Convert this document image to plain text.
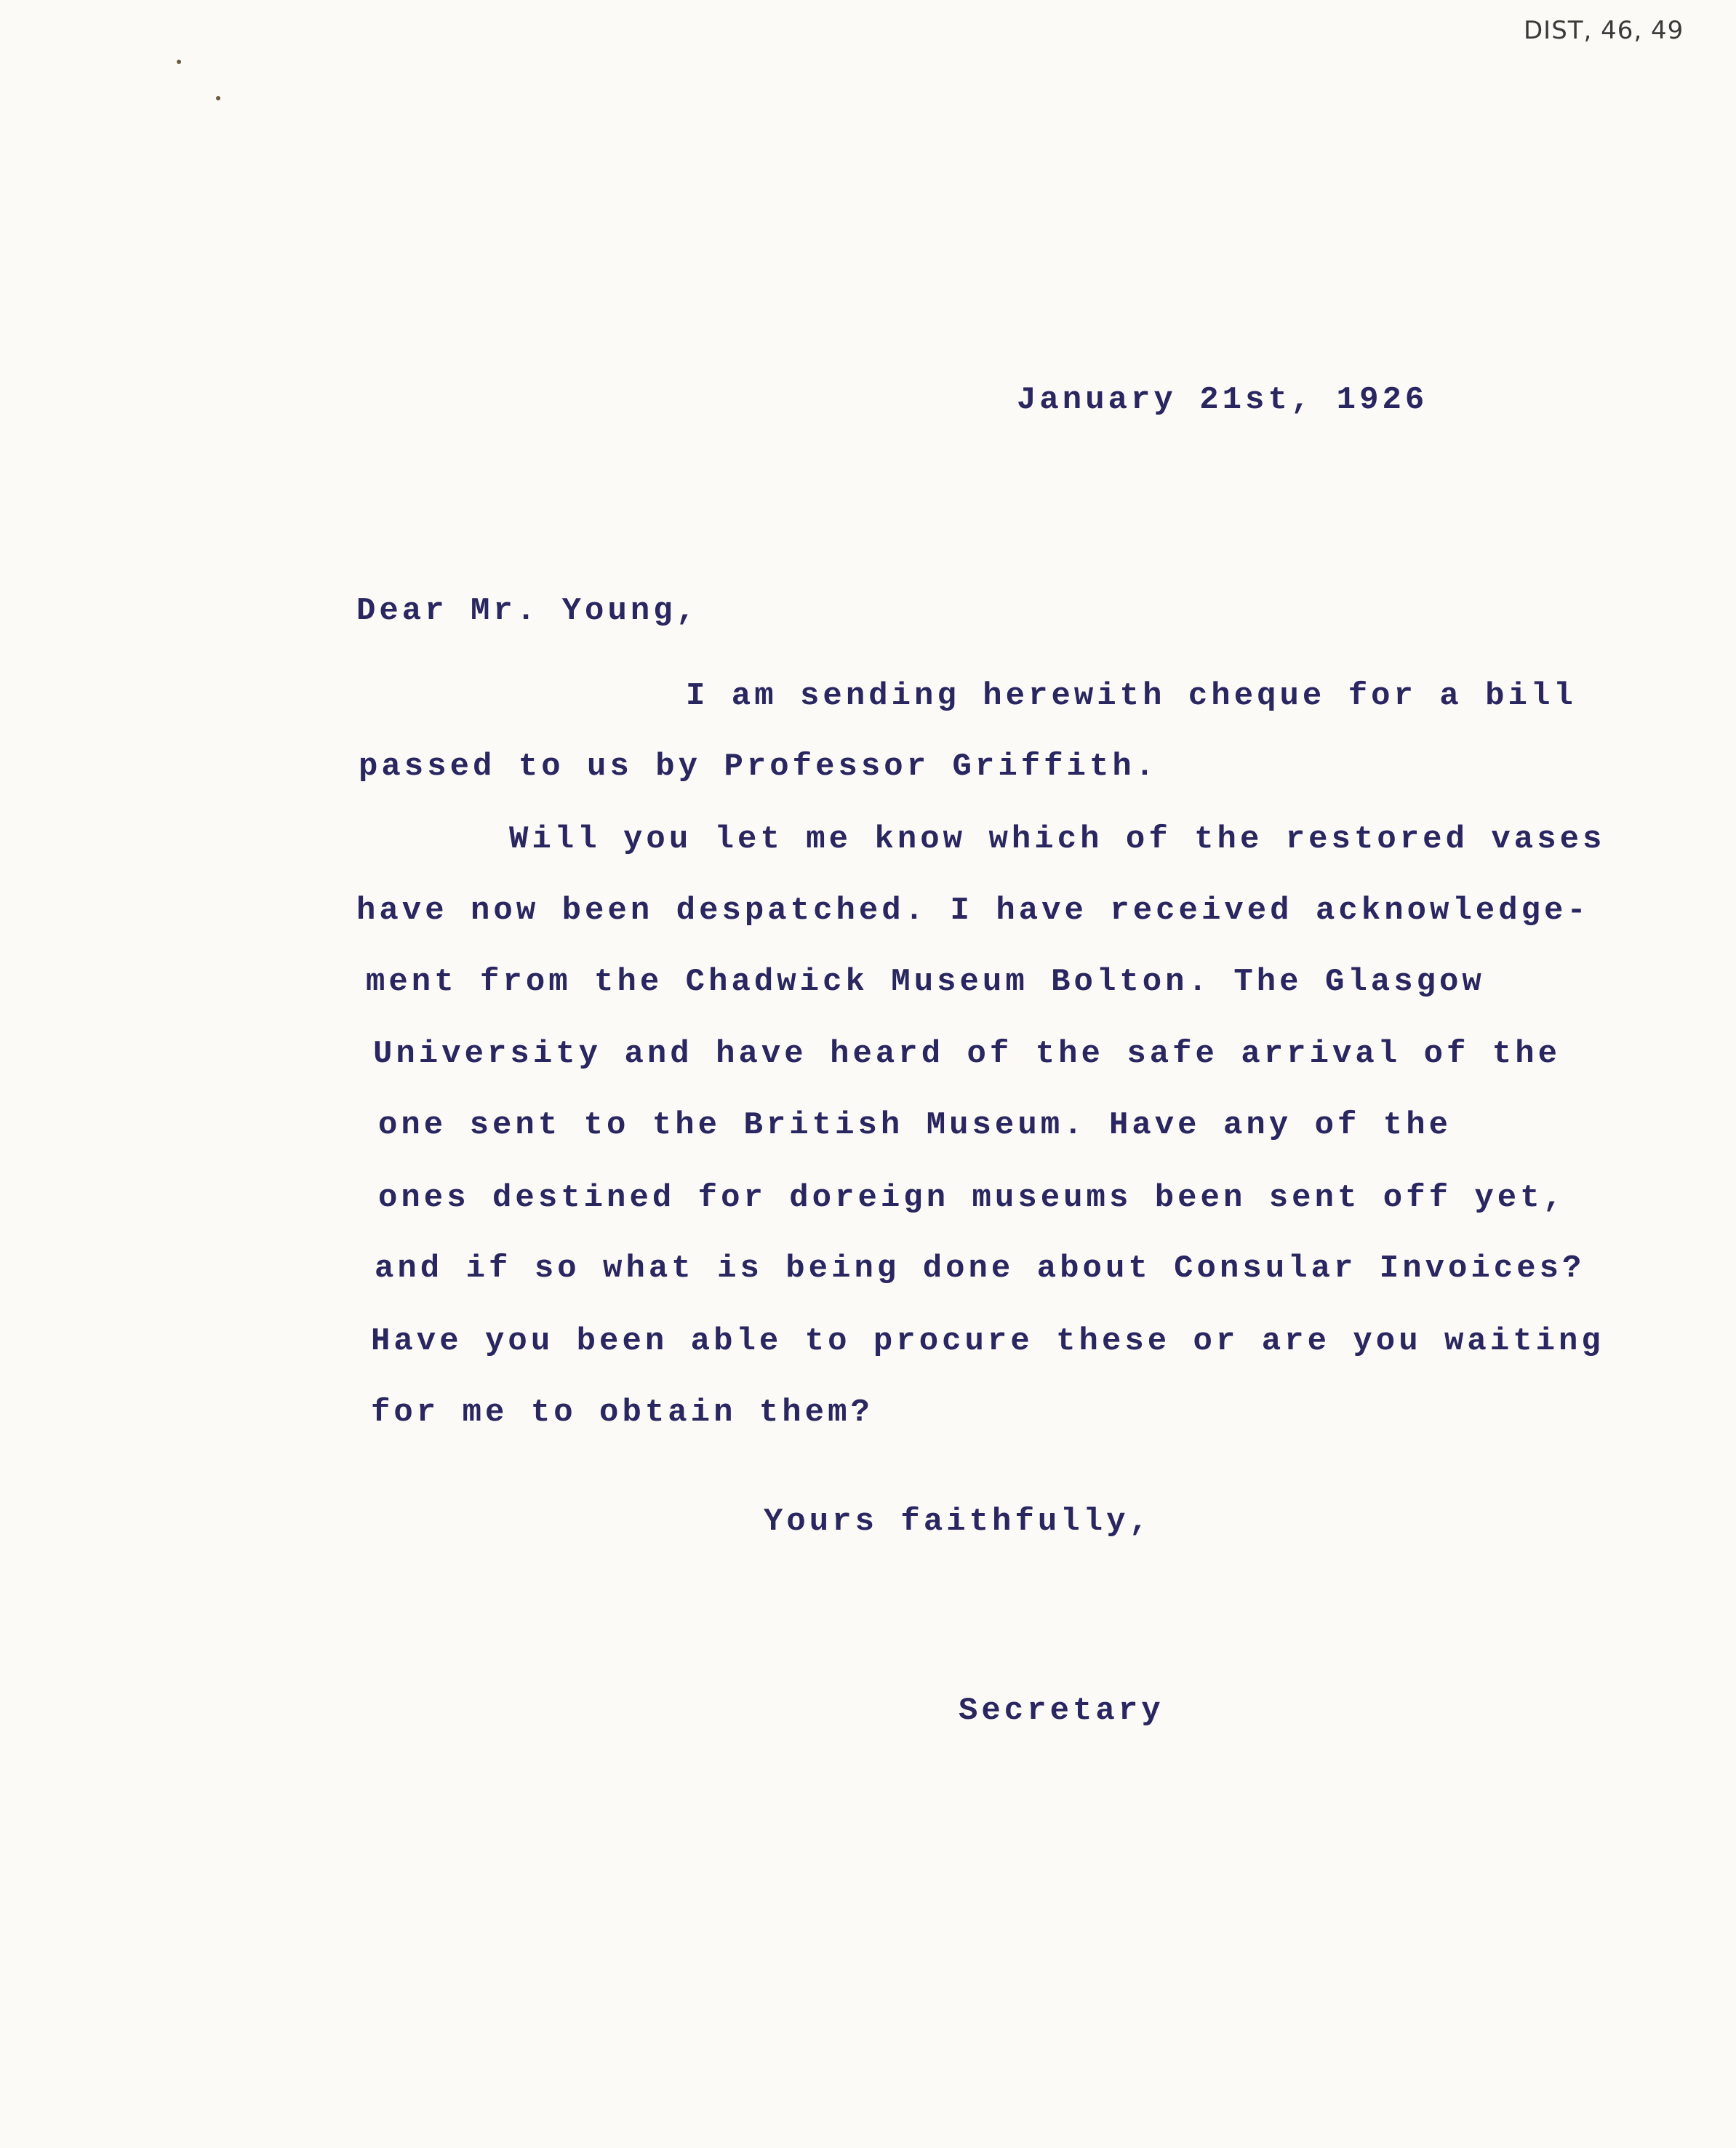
DIST, 46, 49
January 21st, 1926
Dear Mr. Young,
I am sending herewith cheque for a bill
passed to us by Professor Griffith.
Will you let me know which of the restored vases
have now been despatched. I have received acknowledge-
ment from the Chadwick Museum Bolton. The Glasgow
University and have heard of the safe arrival of the
one sent to the British Museum. Have any of the
ones destined for doreign museums been sent off yet,
and if so what is being done about Consular Invoices?
Have you been able to procure these or are you waiting
for me to obtain them?
Yours faithfully,
Secretary
